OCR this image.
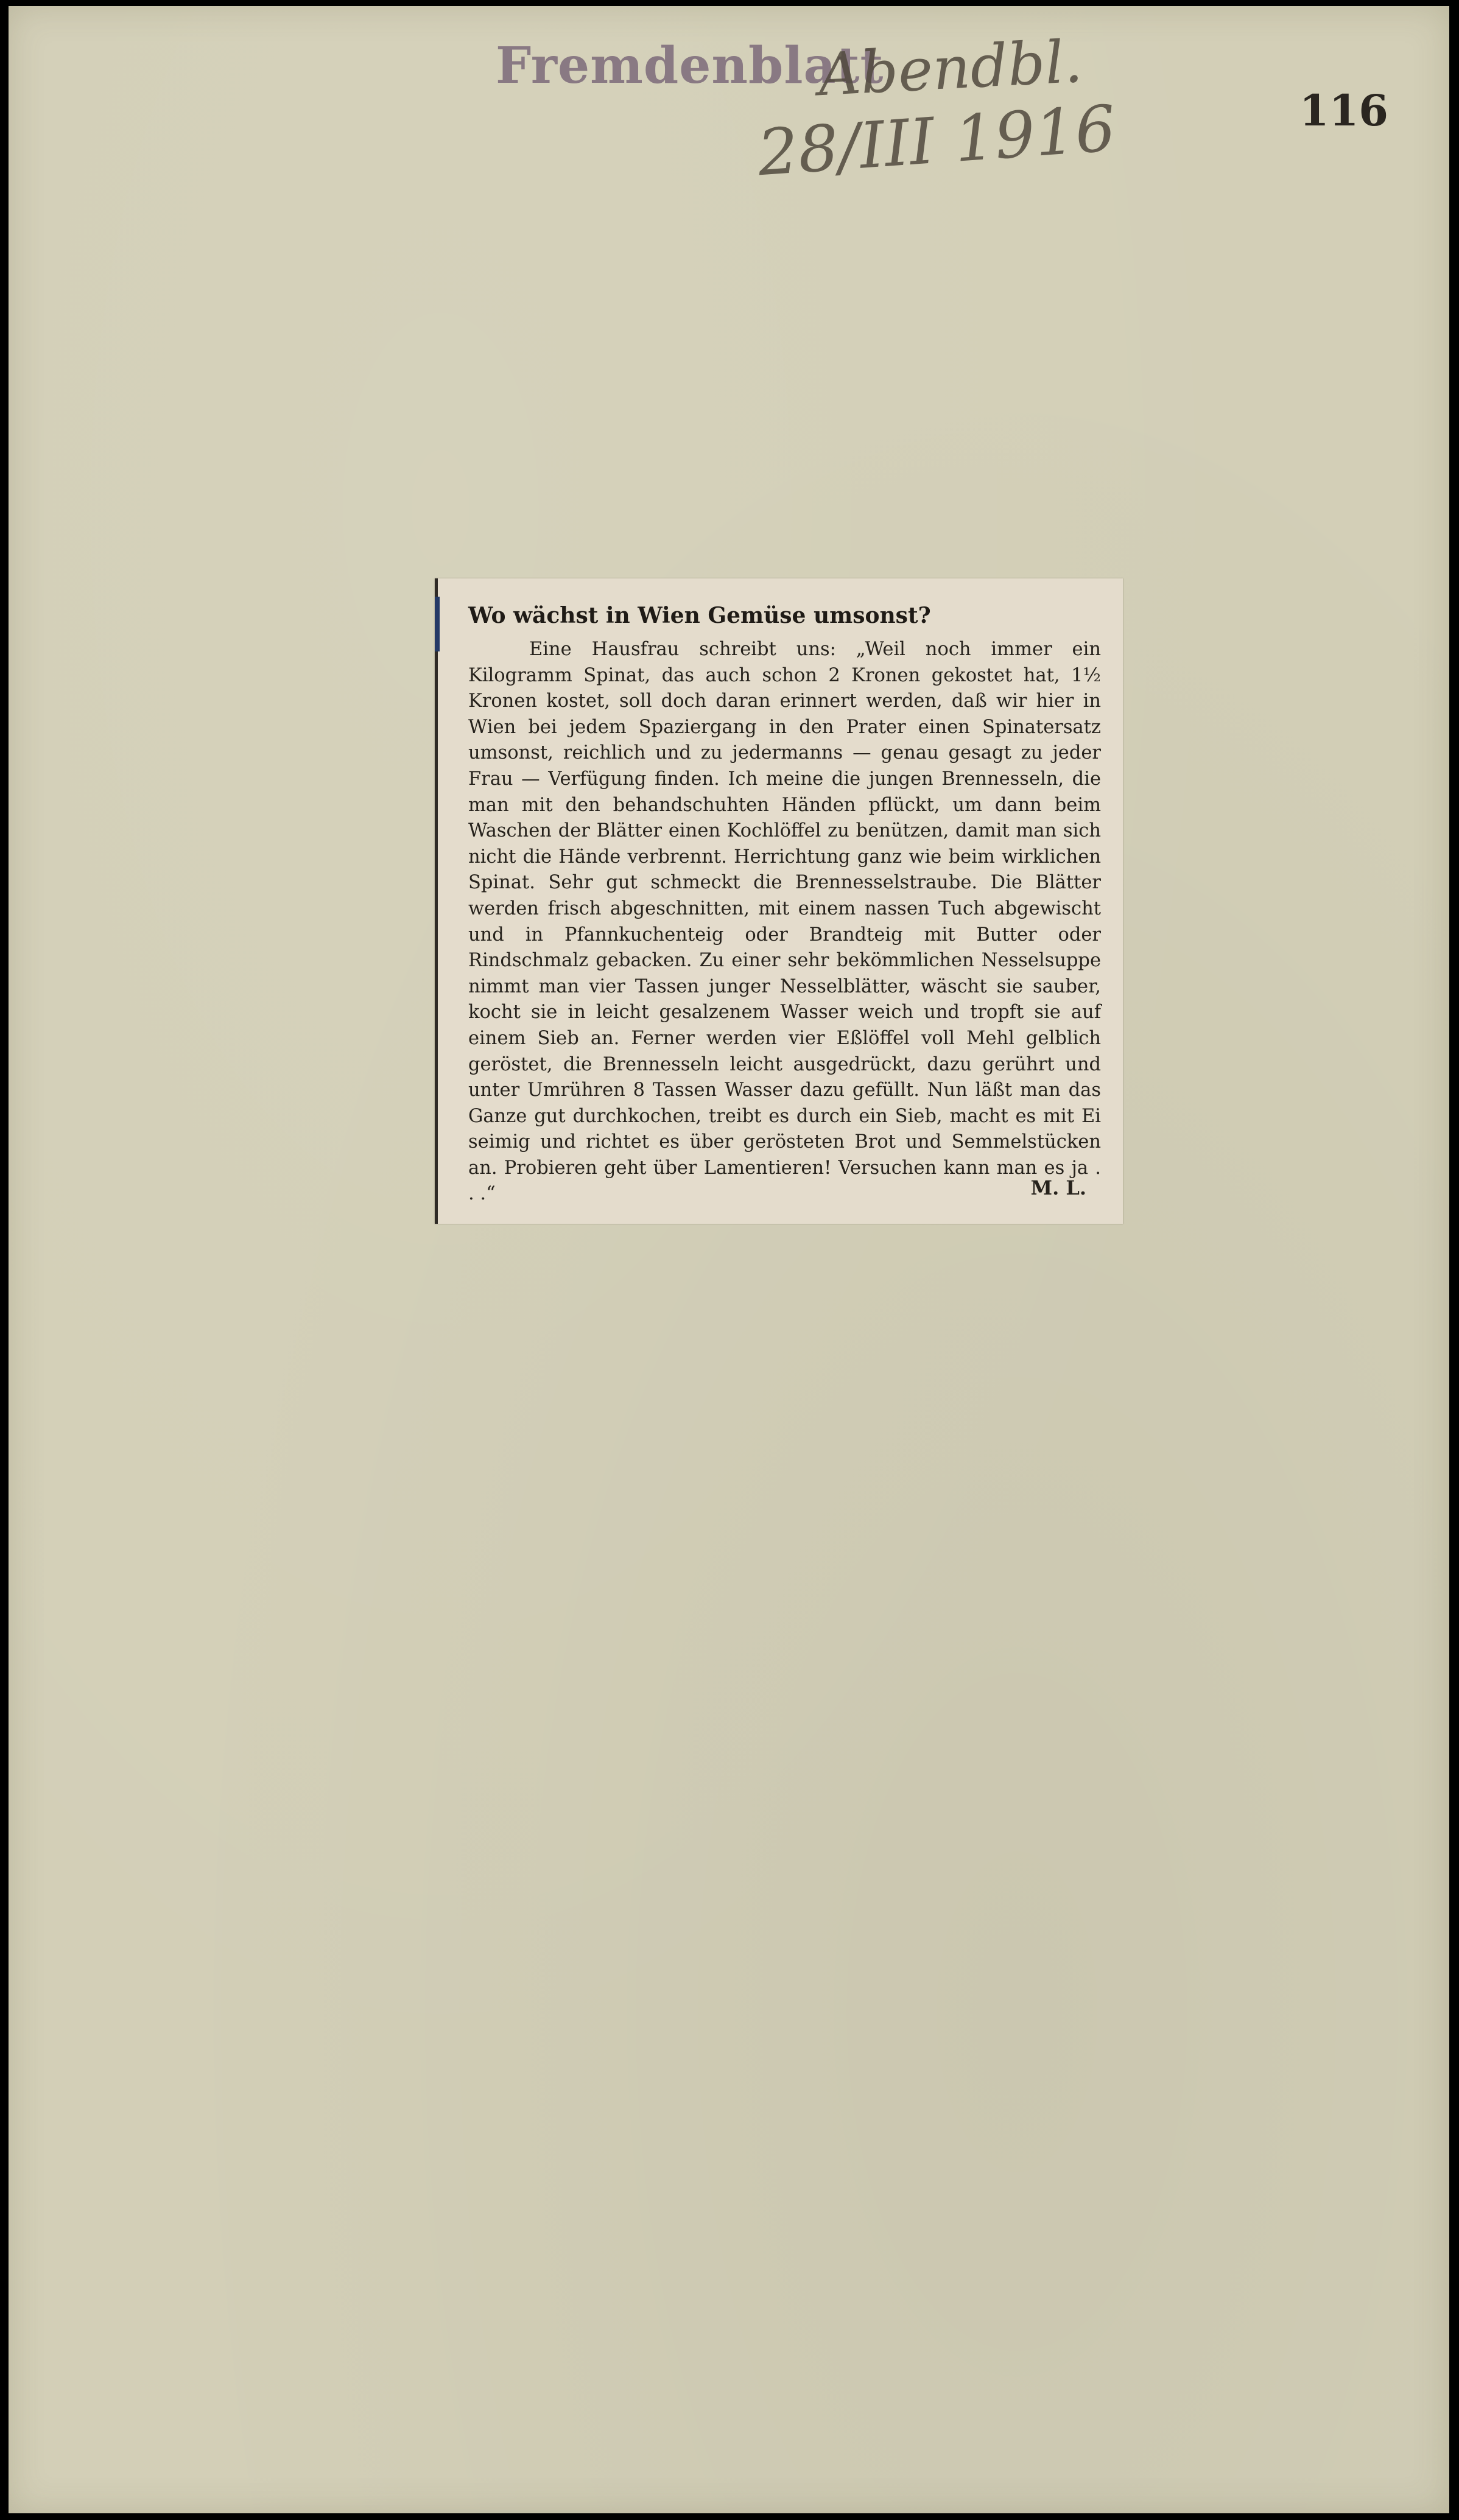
Fremdenblatt
Abendbl.
28/III 1916	116
Wo wächst in Wien Gemüse umsonst?
Eine Hausfrau schreibt uns: „Weil noch immer ein Kilogramm Spinat, das auch schon 2 Kronen gekostet hat, 1½ Kronen kostet, soll doch daran erinnert werden, daß wir hier in Wien bei jedem Spaziergang in den Prater einen Spinatersatz umsonst, reichlich und zu jedermanns — genau gesagt zu jeder Frau — Verfügung finden. Ich meine die jungen Brennesseln, die man mit den behandschuhten Händen pflückt, um dann beim Waschen der Blätter einen Kochlöffel zu benützen, damit man sich nicht die Hände verbrennt. Herrichtung ganz wie beim wirklichen Spinat. Sehr gut schmeckt die Brennesselstraube. Die Blätter werden frisch abgeschnitten, mit einem nassen Tuch abgewischt und in Pfannkuchenteig oder Brandteig mit Butter oder Rindschmalz gebacken. Zu einer sehr bekömmlichen Nesselsuppe nimmt man vier Tassen junger Nesselblätter, wäscht sie sauber, kocht sie in leicht gesalzenem Wasser weich und tropft sie auf einem Sieb an. Ferner werden vier Eßlöffel voll Mehl gelblich geröstet, die Brennesseln leicht ausgedrückt, dazu gerührt und unter Umrühren 8 Tassen Wasser dazu gefüllt. Nun läßt man das Ganze gut durchkochen, treibt es durch ein Sieb, macht es mit Ei seimig und richtet es über gerösteten Brot und Semmelstücken an. Probieren geht über Lamentieren! Versuchen kann man es ja . . .“	M. L.
